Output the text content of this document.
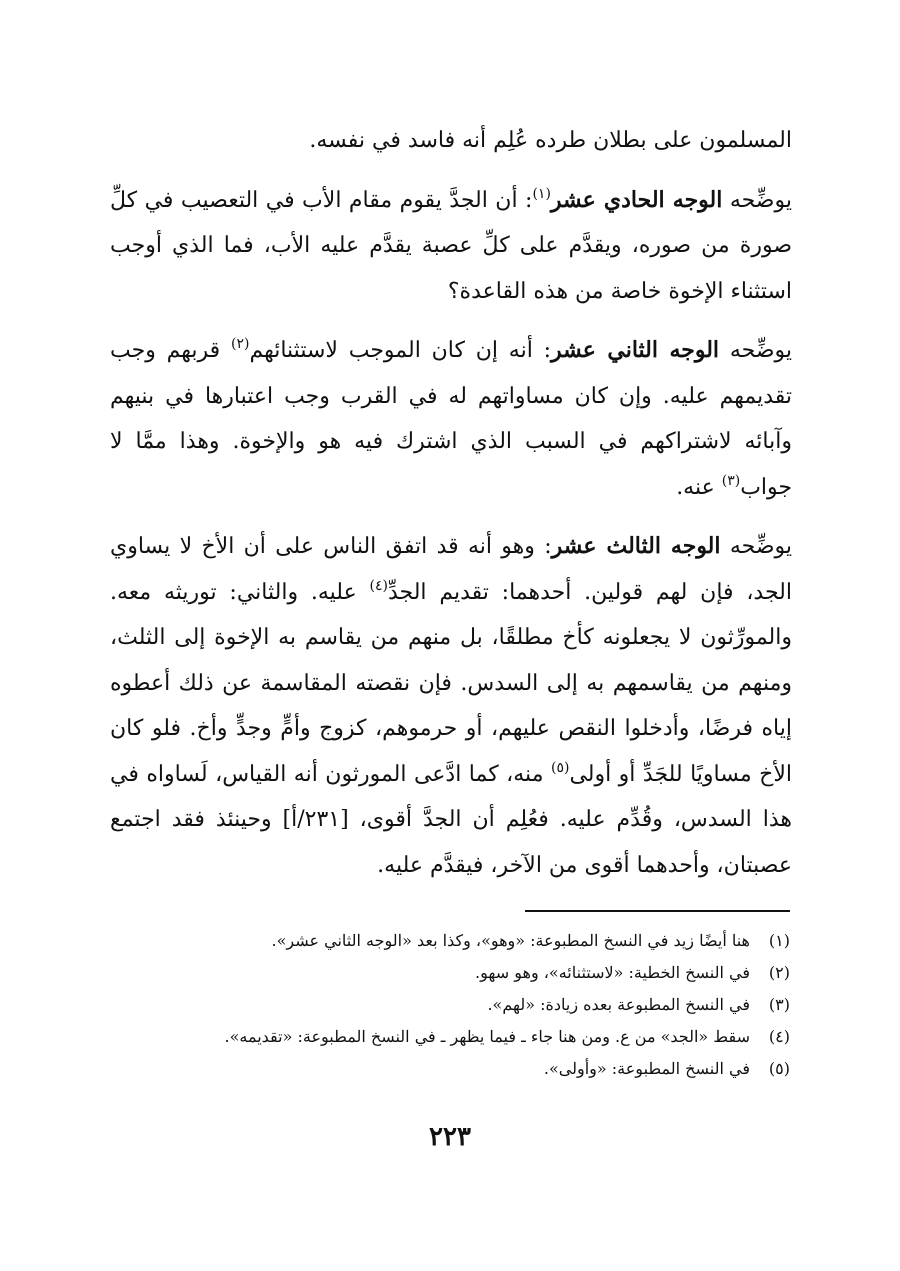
المسلمون على بطلان طرده عُلِم أنه فاسد في نفسه.

يوضِّحه الوجه الحادي عشر$^{(١)}$: أن الجدَّ يقوم مقام الأب في التعصيب في كلِّ صورة من صوره، ويقدَّم على كلِّ عصبة يقدَّم عليه الأب، فما الذي أوجب استثناء الإخوة خاصة من هذه القاعدة؟

يوضِّحه الوجه الثاني عشر: أنه إن كان الموجب لاستثنائهم$^{(٢)}$ قربهم وجب تقديمهم عليه. وإن كان مساواتهم له في القرب وجب اعتبارها في بنيهم وآبائه لاشتراكهم في السبب الذي اشترك فيه هو والإخوة. وهذا ممَّا لا جواب$^{(٣)}$ عنه.

يوضِّحه الوجه الثالث عشر: وهو أنه قد اتفق الناس على أن الأخ لا يساوي الجد، فإن لهم قولين. أحدهما: تقديم الجدِّ$^{(٤)}$ عليه. والثاني: توريثه معه. والمورِّثون لا يجعلونه كأخ مطلقًا، بل منهم من يقاسم به الإخوة إلى الثلث، ومنهم من يقاسمهم به إلى السدس. فإن نقصته المقاسمة عن ذلك أعطوه إياه فرضًا، وأدخلوا النقص عليهم، أو حرموهم، كزوج وأمٍّ وجدٍّ وأخ. فلو كان الأخ مساويًا للجَدِّ أو أولى$^{(٥)}$ منه، كما ادَّعى المورثون أنه القياس، لَساواه في هذا السدس، وقُدِّم عليه. فعُلِم أن الجدَّ أقوى، [٢٣١/أ] وحينئذ فقد اجتمع عصبتان، وأحدهما أقوى من الآخر، فيقدَّم عليه.

(١)هنا أيضًا زيد في النسخ المطبوعة: «وهو»، وكذا بعد «الوجه الثاني عشر».
(٢)في النسخ الخطية: «لاستثنائه»، وهو سهو.
(٣)في النسخ المطبوعة بعده زيادة: «لهم».
(٤)سقط «الجد» من ع. ومن هنا جاء ـ فيما يظهر ـ في النسخ المطبوعة: «تقديمه».
(٥)في النسخ المطبوعة: «وأولى».
٢٢٣
